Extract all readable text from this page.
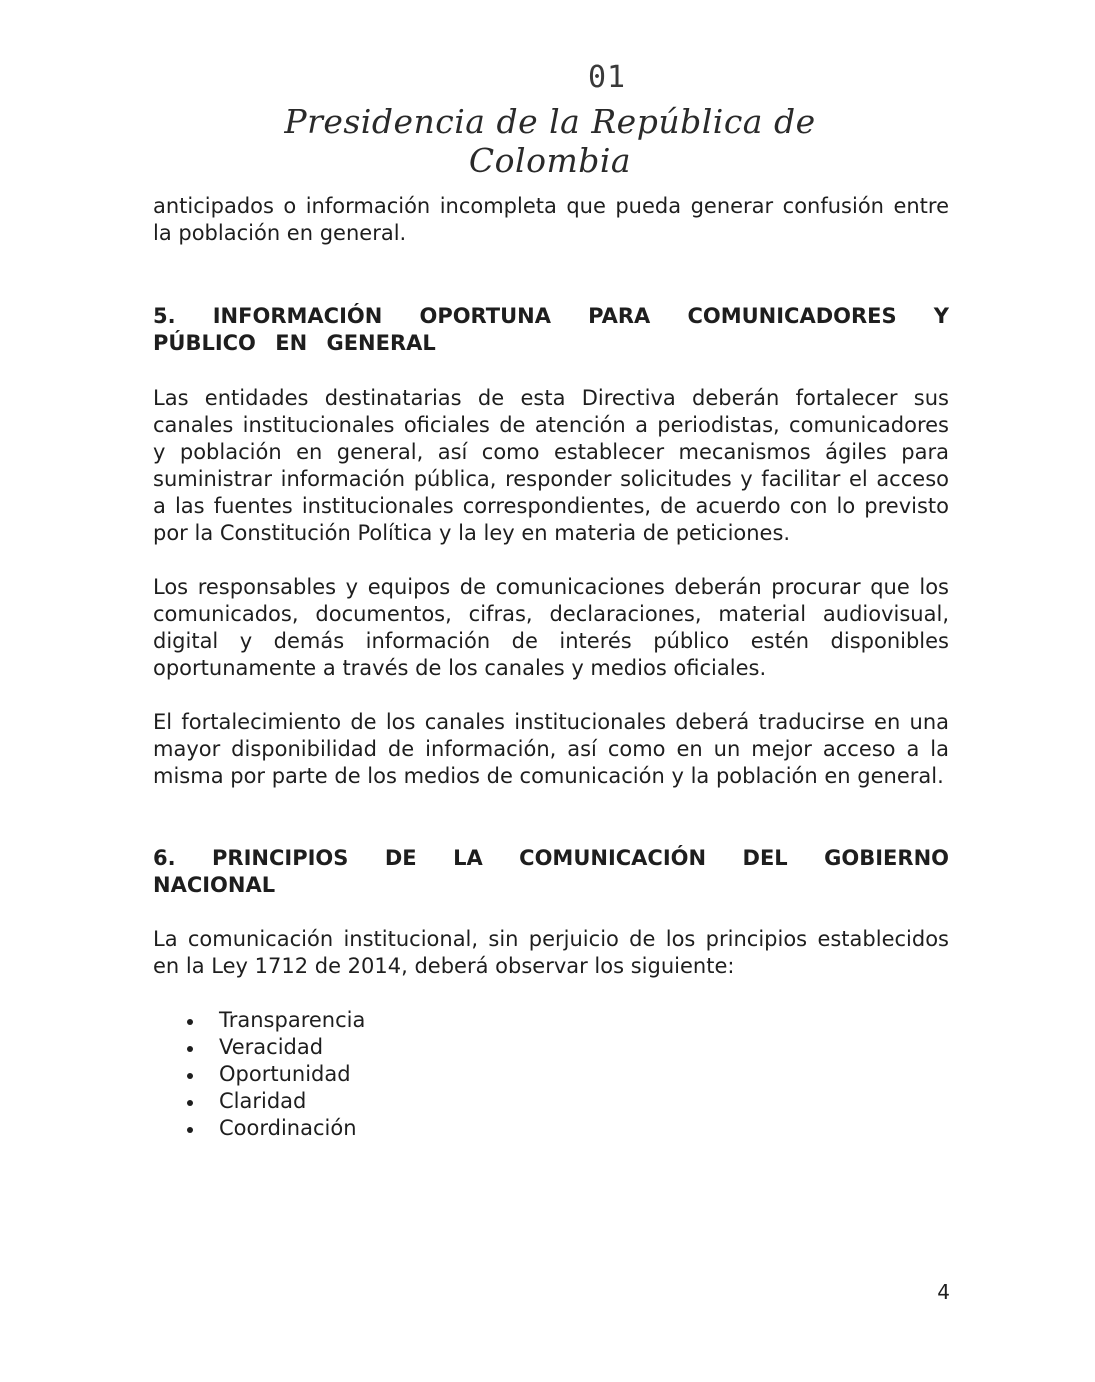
01
Presidencia de la República de Colombia

anticipados o información incompleta que pueda generar confusión entre la población en general.

5. INFORMACIÓN OPORTUNA PARA COMUNICADORES Y PÚBLICO EN GENERAL

Las entidades destinatarias de esta Directiva deberán fortalecer sus canales institucionales oficiales de atención a periodistas, comunicadores y población en general, así como establecer mecanismos ágiles para suministrar información pública, responder solicitudes y facilitar el acceso a las fuentes institucionales correspondientes, de acuerdo con lo previsto por la Constitución Política y la ley en materia de peticiones.

Los responsables y equipos de comunicaciones deberán procurar que los comunicados, documentos, cifras, declaraciones, material audiovisual, digital y demás información de interés público estén disponibles oportunamente a través de los canales y medios oficiales.

El fortalecimiento de los canales institucionales deberá traducirse en una mayor disponibilidad de información, así como en un mejor acceso a la misma por parte de los medios de comunicación y la población en general.

6. PRINCIPIOS DE LA COMUNICACIÓN DEL GOBIERNO NACIONAL

La comunicación institucional, sin perjuicio de los principios establecidos en la Ley 1712 de 2014, deberá observar los siguiente:

Transparencia
Veracidad
Oportunidad
Claridad
Coordinación
4
